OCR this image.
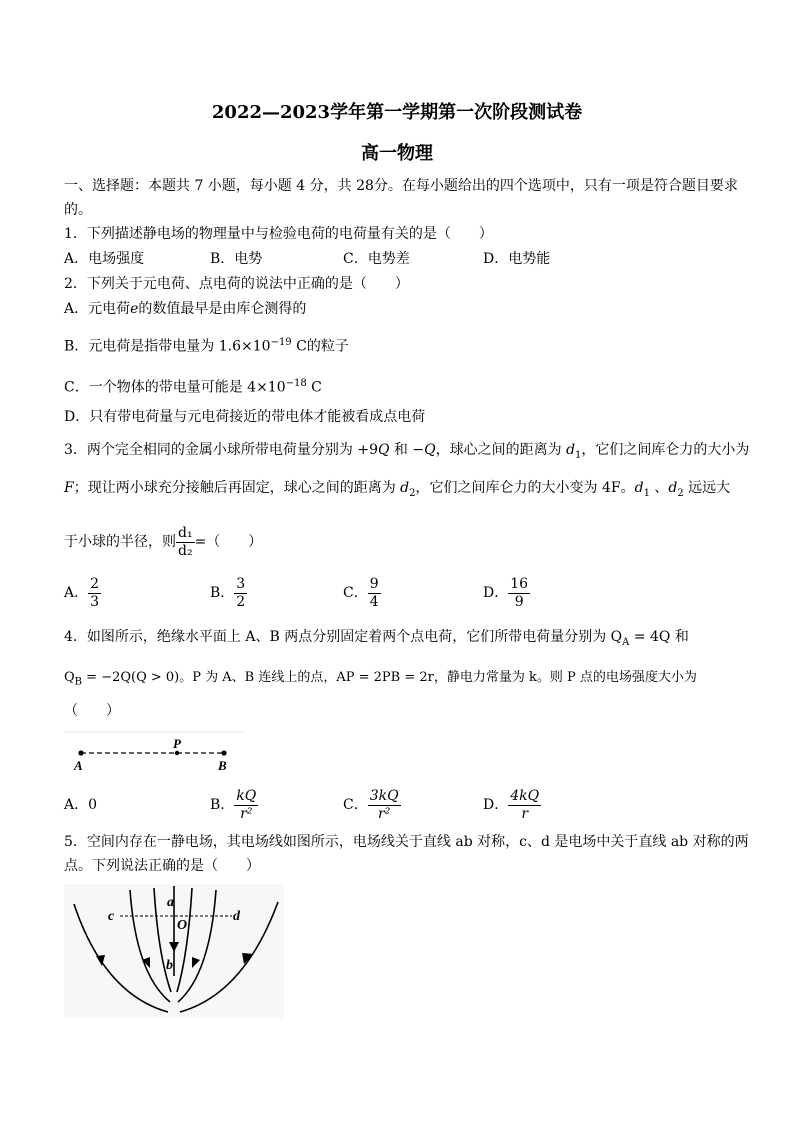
2022—2023学年第一学期第一次阶段测试卷
高一物理
一、选择题：本题共 7 小题，每小题 4 分，共 28分。在每小题给出的四个选项中，只有一项是符合题目要求
的。
1．下列描述静电场的物理量中与检验电荷的电荷量有关的是（　　）
A．电场强度	B．电势	C．电势差	D．电势能
2．下列关于元电荷、点电荷的说法中正确的是（　　）
A．元电荷e的数值最早是由库仑测得的
B．元电荷是指带电量为 $1.6\times 10^{-19}$ C的粒子
C．一个物体的带电量可能是 $4\times 10^{-18}$ C
D．只有带电荷量与元电荷接近的带电体才能被看成点电荷
3．两个完全相同的金属小球所带电荷量分别为 +9Q 和 −Q，球心之间的距离为 $d_1$，它们之间库仑力的大小为
F；现让两小球充分接触后再固定，球心之间的距离为 $d_2$，它们之间库仑力的大小变为 4F。$d_1$ 、$d_2$ 远远大
于小球的半径，则 $\frac{\text{d₁}}{\text{d₂}}$ =（　　）
A． $\frac{2}{3}$	B． $\frac{3}{2}$	C． $\frac{9}{4}$	D． $\frac{16}{9}$
4．如图所示，绝缘水平面上 A、B 两点分别固定着两个点电荷，它们所带电荷量分别为 $Q_A = 4Q$ 和
$Q_B = -2Q(Q > 0)$。P 为 A、B 连线上的点，AP = 2PB = 2r，静电力常量为 k。则 P 点的电场强度大小为
（　　）
A
P
B
A．0	B． $\frac{kQ}{\text{r²}}$	C． $\frac{3kQ}{\text{r²}}$	D． $\frac{4kQ}{r}$
5．空间内存在一静电场，其电场线如图所示，电场线关于直线 ab 对称，c、d 是电场中关于直线 ab 对称的两
点。下列说法正确的是（　　）
a
O
b
c	d
